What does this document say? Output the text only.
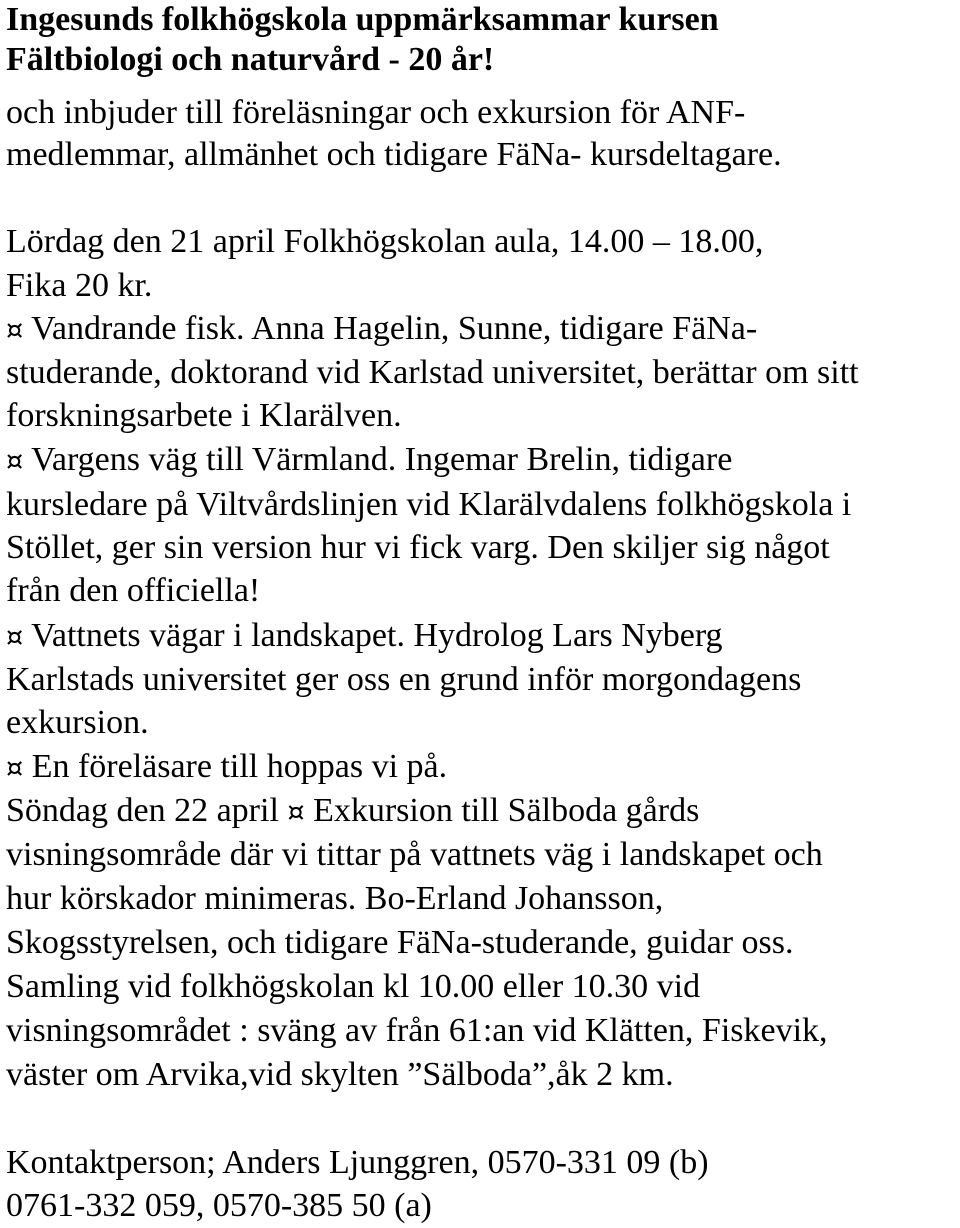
Ingesunds folkhögskola uppmärksammar kursen
Fältbiologi och naturvård - 20 år!
och inbjuder till föreläsningar och exkursion för ANF-
medlemmar, allmänhet och tidigare FäNa- kursdeltagare.
Lördag den 21 april Folkhögskolan aula, 14.00 – 18.00,
Fika 20 kr.
¤ Vandrande fisk. Anna Hagelin, Sunne, tidigare FäNa-
studerande, doktorand vid Karlstad universitet, berättar om sitt
forskningsarbete i Klarälven.
¤ Vargens väg till Värmland. Ingemar Brelin, tidigare
kursledare på Viltvårdslinjen vid Klarälvdalens folkhögskola i
Stöllet, ger sin version hur vi fick varg. Den skiljer sig något
från den officiella!
¤ Vattnets vägar i landskapet. Hydrolog Lars Nyberg
Karlstads universitet ger oss en grund inför morgondagens
exkursion.
¤ En föreläsare till hoppas vi på.
Söndag den 22 april ¤ Exkursion till Sälboda gårds
visningsområde där vi tittar på vattnets väg i landskapet och
hur körskador minimeras. Bo-Erland Johansson,
Skogsstyrelsen, och tidigare FäNa-studerande, guidar oss.
Samling vid folkhögskolan kl 10.00 eller 10.30 vid
visningsområdet : sväng av från 61:an vid Klätten, Fiskevik,
väster om Arvika,vid skylten ”Sälboda”,åk 2 km.
Kontaktperson; Anders Ljunggren, 0570-331 09 (b)
0761-332 059, 0570-385 50 (a)
